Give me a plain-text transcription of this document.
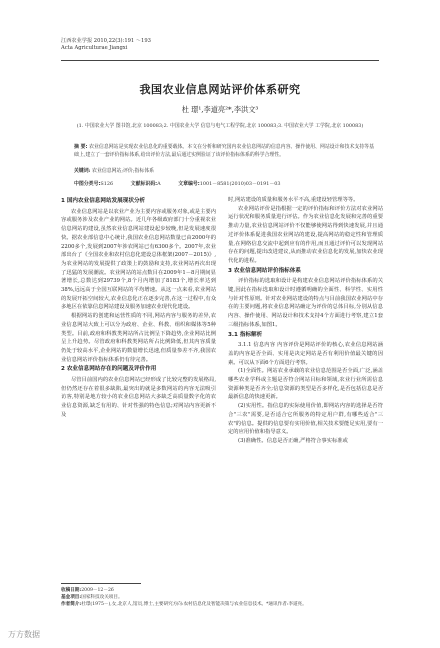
江西农业学报 2010,22(3):191 ～193
Acta Agriculturae Jiangxi
我国农业信息网站评价体系研究
杜 璟¹,李道亮²*,李洪文³
(1. 中国农业大学 图书馆,北京 100083;2. 中国农业大学 信息与电气工程学院,北京 100083;3. 中国农业大学 工学院,北京 100083)
摘 要: 农业信息网站是实现农业信息化的重要载体。本文在分析和研究国内农业信息网站的信息内容、操作使用、网站设计和技术支持等基础上,建立了一套评价指标体系,给出评价方法,最后通过实例验证了该评价指标体系的科学合理性。
关键词: 农业信息网站;评价;指标体系
中图分类号:S126	文献标识码:A	文章编号:1001－8581(2010)03－0191－03
1 国内农业信息网站发展现状分析
农业信息网站是以农业产业为主要内容或服务对象,或是主要内容或服务涉及农业产业的网站。近几年各级政府部门十分重视农业信息网站的建设,虽然农业信息网站建设起步较晚,但是发展速度很快。据农业部信息中心统计,我国农业信息网站数量已由2000年的2200多个,发展到2007年涉农网站已有6300多个。2007年,农业部出台了《全国农业和农村信息化建设总体框架(2007－2015)》,为农业网站的发展提供了政策上的鼓励和支持,农业网站再次出现了迅猛的发展潮流。农业网站的站点数目在2009年1－8月期间显著增长,总数达到29739个,8个月内增加了8183个,增长率达到38%,远远高于全国互联网站的平均增速。从这一点来看,农业网站的发展开拓空间较大,农业信息化正在逐步完善,在这一过程中,有众多地区在依靠信息网站建设及服务加速农业现代化建设。
根据网站的创建和运营性质的不同,网站内容与服务的差异,农业信息网站大致上可以分为政府、企业、科教、组织和媒体等5种类型。目前,政府和科教类网站所占比例呈下降趋势,企业网站比例呈上升趋势。尽管政府和科教类网站所占比例降低,但其内容质量仍处于较高水平,企业网站的数量增长迅速,但质量参差不齐,我国农业信息网站评价指标体系仍有待完善。
2 农业信息网站存在的问题及评价作用
尽管目前国内的农业信息网站已经形成了比较完整的发展格局,但仍然还存在着很多缺陷,最突出的就是多数网站的内容无法吸引访客,特别是地方较小的农业信息网站大多缺乏高质量数字化的农业信息资源,缺乏有用的、针对性强的特色信息;对网站内容更新不及
时,网站建设的质量和服务水平不高,重建设轻管理等等。
农业网站评价是指根据一定的评价指标和评价方法对农业网站运行状况和服务质量进行评估。作为农业信息化发展和完善的重要推动力量,农业信息网站评价不仅能够使网站得到快速发展,并且通过评价体系促进我国农业网站的建设,提高网站的稳定性和管理质量,在网络信息交流中起到应有的作用,而且通过评价可以发现网站存在的问题,提出改进建议,从而推动农业信息化的发展,加快农业现代化的进程。
3 农业信息网站评价指标体系
评价指标的选取和设计是构建农业信息网站评价指标体系的关键,因此在指标选取和设计时遵循明确的全面性、科学性、实用性与针对性原则。针对农业网站建设的特点与目前我国农业网站中存在的主要问题,将农业信息网站确定为评价的总体目标,分别从信息内容、操作使用、网站设计和技术支持4个方面进行考察,建立1套三级指标体系,如图1。
3.1 指标解析
3.1.1 信息内容 内容评价是网站评价的核心,农业信息网站涵盖的内容是否全面、实用是决定网站是否有利用价值最关键的因素。可以从下面6个方面进行考察。
(1)全面性。网站农业承载的农业信息范围是否全面,广泛,涵盖哪些农业学科或主题是否符合网站目标和领域,农业行业所需信息资源种类是否齐全;信息资源的类型是否多样化,是否包括信息是否最新信息的快速更新。
(2)实用性。指信息的实际使用价值,即网站内容的选择是否符合"三农"需要,是否适合它所服务的特定用户群,有哪些适合"三农"的信息。提供的信息要有实用价值,相关技术要能足实用,要有一定的应用价值和指导意义。
(3)准确性。信息是否正确,严格符合事实标准或
收稿日期:2009－12－26
基金项目:国家科技攻关项目。
作者简介:杜璟(1975－),女,北京人,馆员,博士,主要研究方向:农村信息化及智能决策与农业信息技术。*通讯作者:李道亮。
万方数据
